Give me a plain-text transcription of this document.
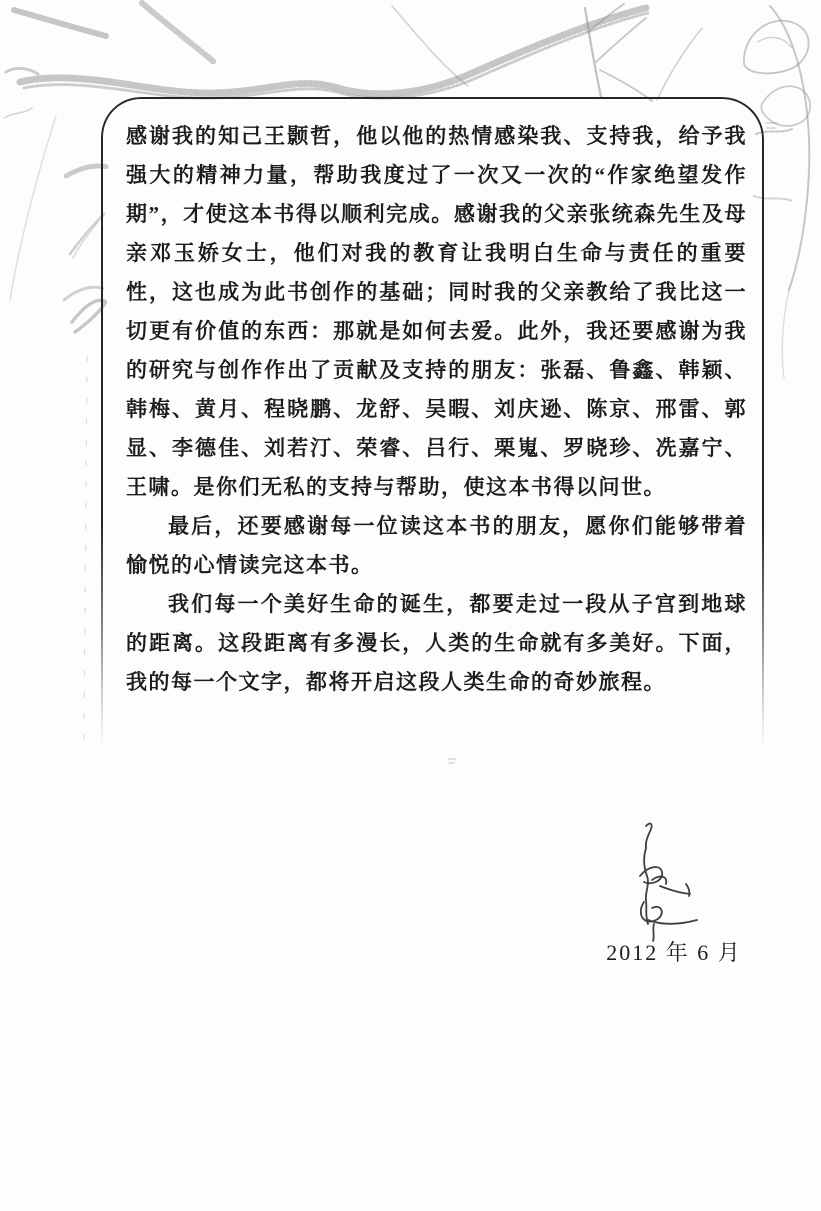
感谢我的知己王颢哲，他以他的热情感染我、支持我，给予我强大的精神力量，帮助我度过了一次又一次的“作家绝望发作期”，才使这本书得以顺利完成。感谢我的父亲张统森先生及母亲邓玉娇女士，他们对我的教育让我明白生命与责任的重要性，这也成为此书创作的基础；同时我的父亲教给了我比这一切更有价值的东西：那就是如何去爱。此外，我还要感谢为我的研究与创作作出了贡献及支持的朋友：张磊、鲁鑫、韩颖、韩梅、黄月、程晓鹏、龙舒、吴暇、刘庆逊、陈京、邢雷、郭显、李德佳、刘若汀、荣睿、吕行、栗嵬、罗晓珍、冼嘉宁、王啸。是你们无私的支持与帮助，使这本书得以问世。

最后，还要感谢每一位读这本书的朋友，愿你们能够带着愉悦的心情读完这本书。

我们每一个美好生命的诞生，都要走过一段从子宫到地球的距离。这段距离有多漫长，人类的生命就有多美好。下面，我的每一个文字，都将开启这段人类生命的奇妙旅程。

2012 年 6 月
